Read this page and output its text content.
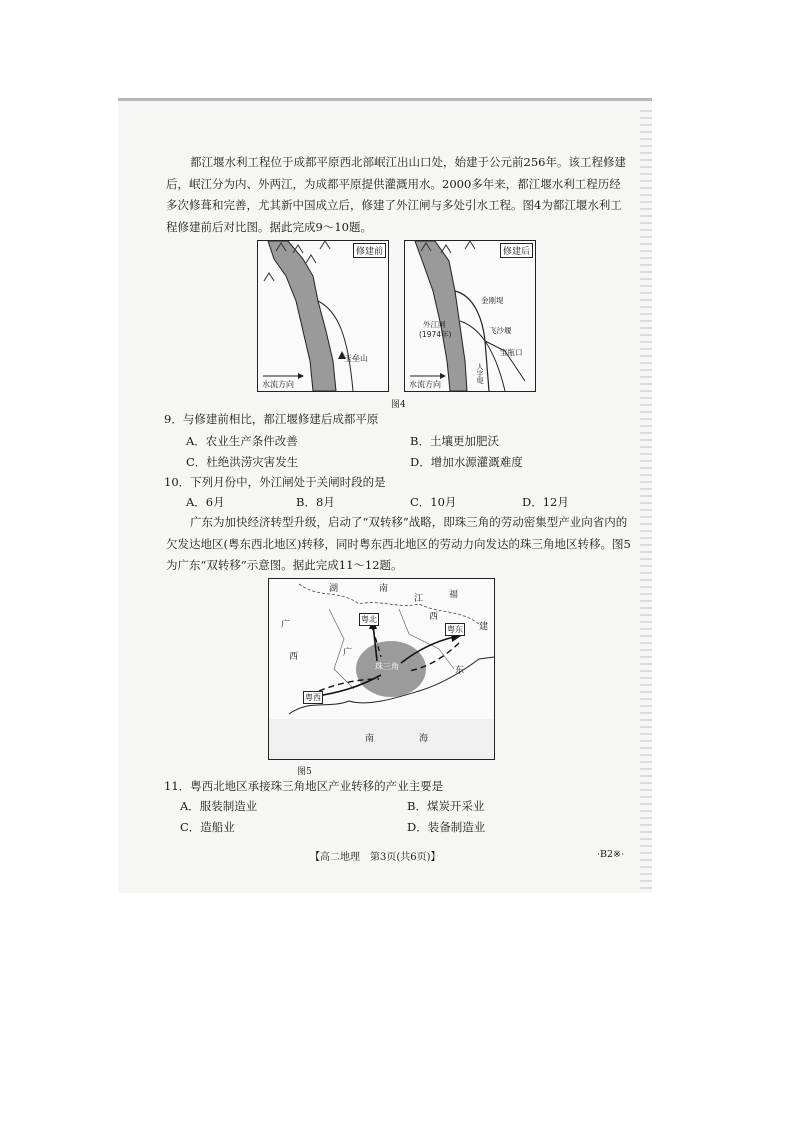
都江堰水利工程位于成都平原西北部岷江出山口处，始建于公元前256年。该工程修建后，岷江分为内、外两江，为成都平原提供灌溉用水。2000多年来，都江堰水利工程历经多次修葺和完善，尤其新中国成立后，修建了外江闸与多处引水工程。图4为都江堰水利工程修建前后对比图。据此完成9～10题。

修建前
玉垒山
水流方向
修建后
金刚堤
外江闸
(1974年)	飞沙堰
宝瓶口
人字堤
水流方向
图4

9．与修建前相比，都江堰修建后成都平原

A．农业生产条件改善	B．土壤更加肥沃

C．杜绝洪涝灾害发生	D．增加水源灌溉难度

10．下列月份中，外江闸处于关闸时段的是

A．6月	B．8月	C．10月	D．12月

广东为加快经济转型升级，启动了“双转移”战略，即珠三角的劳动密集型产业向省内的欠发达地区(粤东西北地区)转移，同时粤东西北地区的劳动力向发达的珠三角地区转移。图5为广东“双转移”示意图。据此完成11～12题。

湖	南
福
建
江
西
广
西	广
东
粤北
粤东
珠三角
粤西
南	海
图5

11．粤西北地区承接珠三角地区产业转移的产业主要是

A．服装制造业	B．煤炭开采业

C．造船业	D．装备制造业

【高二地理　第3页(共6页)】	·B2※·
